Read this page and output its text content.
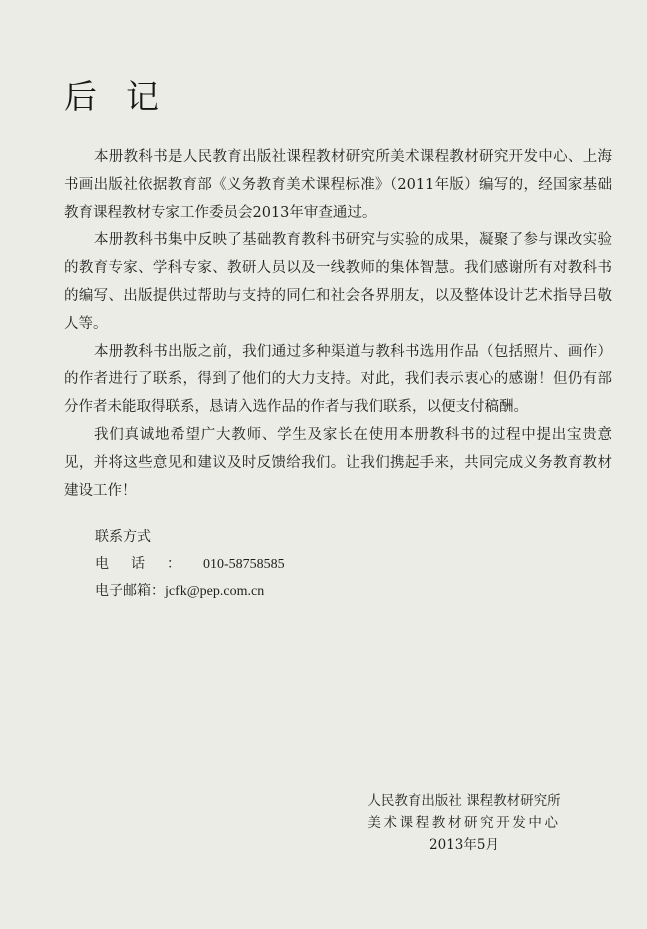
后 记

本册教科书是人民教育出版社课程教材研究所美术课程教材研究开发中心、上海书画出版社依据教育部《义务教育美术课程标准》（2011年版）编写的，经国家基础教育课程教材专家工作委员会2013年审查通过。

本册教科书集中反映了基础教育教科书研究与实验的成果，凝聚了参与课改实验的教育专家、学科专家、教研人员以及一线教师的集体智慧。我们感谢所有对教科书的编写、出版提供过帮助与支持的同仁和社会各界朋友，以及整体设计艺术指导吕敬人等。

本册教科书出版之前，我们通过多种渠道与教科书选用作品（包括照片、画作）的作者进行了联系，得到了他们的大力支持。对此，我们表示衷心的感谢！但仍有部分作者未能取得联系，恳请入选作品的作者与我们联系，以便支付稿酬。

我们真诚地希望广大教师、学生及家长在使用本册教科书的过程中提出宝贵意见，并将这些意见和建议及时反馈给我们。让我们携起手来，共同完成义务教育教材建设工作！

联系方式
电话：010-58758585
电子邮箱：jcfk@pep.com.cn
人民教育出版社 课程教材研究所
美术课程教材研究开发中心
2013年5月
